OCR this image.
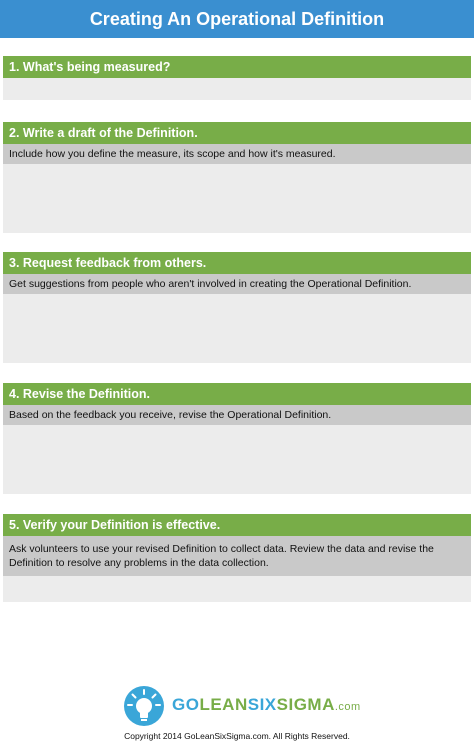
Creating An Operational Definition
1. What's being measured?
2. Write a draft of the Definition.
Include how you define the measure, its scope and how it's measured.
3. Request feedback from others.
Get suggestions from people who aren't involved in creating the Operational Definition.
4. Revise the Definition.
Based on the feedback you receive, revise the Operational Definition.
5. Verify your Definition is effective.
Ask volunteers to use your revised Definition to collect data. Review the data and revise the Definition to resolve any problems in the data collection.
GOLEANSIXSIGMA.com
Copyright 2014 GoLeanSixSigma.com. All Rights Reserved.
